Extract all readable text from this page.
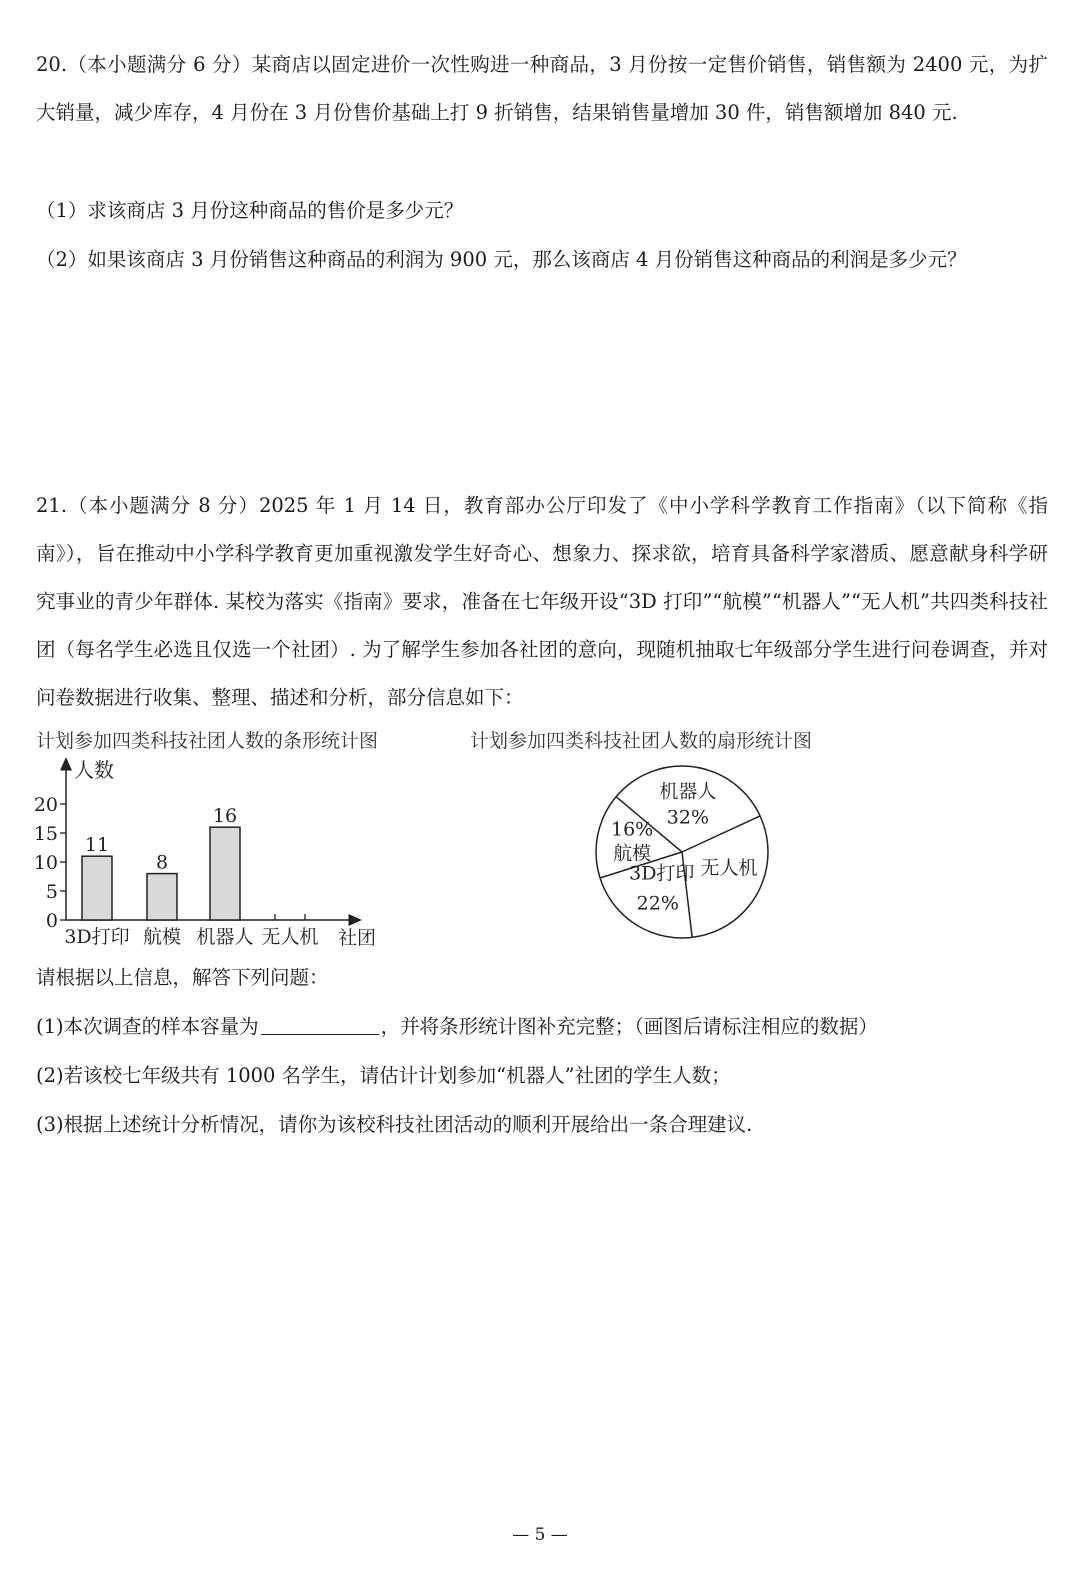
20.（本小题满分 6 分）某商店以固定进价一次性购进一种商品，3 月份按一定售价销售，销售额为 2400 元，为扩大销量，减少库存，4 月份在 3 月份售价基础上打 9 折销售，结果销售量增加 30 件，销售额增加 840 元.

（1）求该商店 3 月份这种商品的售价是多少元？

（2）如果该商店 3 月份销售这种商品的利润为 900 元，那么该商店 4 月份销售这种商品的利润是多少元？

21.（本小题满分 8 分）2025 年 1 月 14 日，教育部办公厅印发了《中小学科学教育工作指南》（以下简称《指南》），旨在推动中小学科学教育更加重视激发学生好奇心、想象力、探求欲，培育具备科学家潜质、愿意献身科学研究事业的青少年群体. 某校为落实《指南》要求，准备在七年级开设“3D 打印”“航模”“机器人”“无人机”共四类科技社团（每名学生必选且仅选一个社团）. 为了解学生参加各社团的意向，现随机抽取七年级部分学生进行问卷调查，并对问卷数据进行收集、整理、描述和分析，部分信息如下：

计划参加四类科技社团人数的条形统计图	计划参加四类科技社团人数的扇形统计图
人数
社团
0
5
10
15
20
11
3D打印
8
航模
16
机器人 无人机
机器人
32%
无人机
3D打印
22%
航模
16%

请根据以上信息，解答下列问题：

(1)本次调查的样本容量为	，并将条形统计图补充完整；（画图后请标注相应的数据）

(2)若该校七年级共有 1000 名学生，请估计计划参加“机器人”社团的学生人数；

(3)根据上述统计分析情况，请你为该校科技社团活动的顺利开展给出一条合理建议.

— 5 —
